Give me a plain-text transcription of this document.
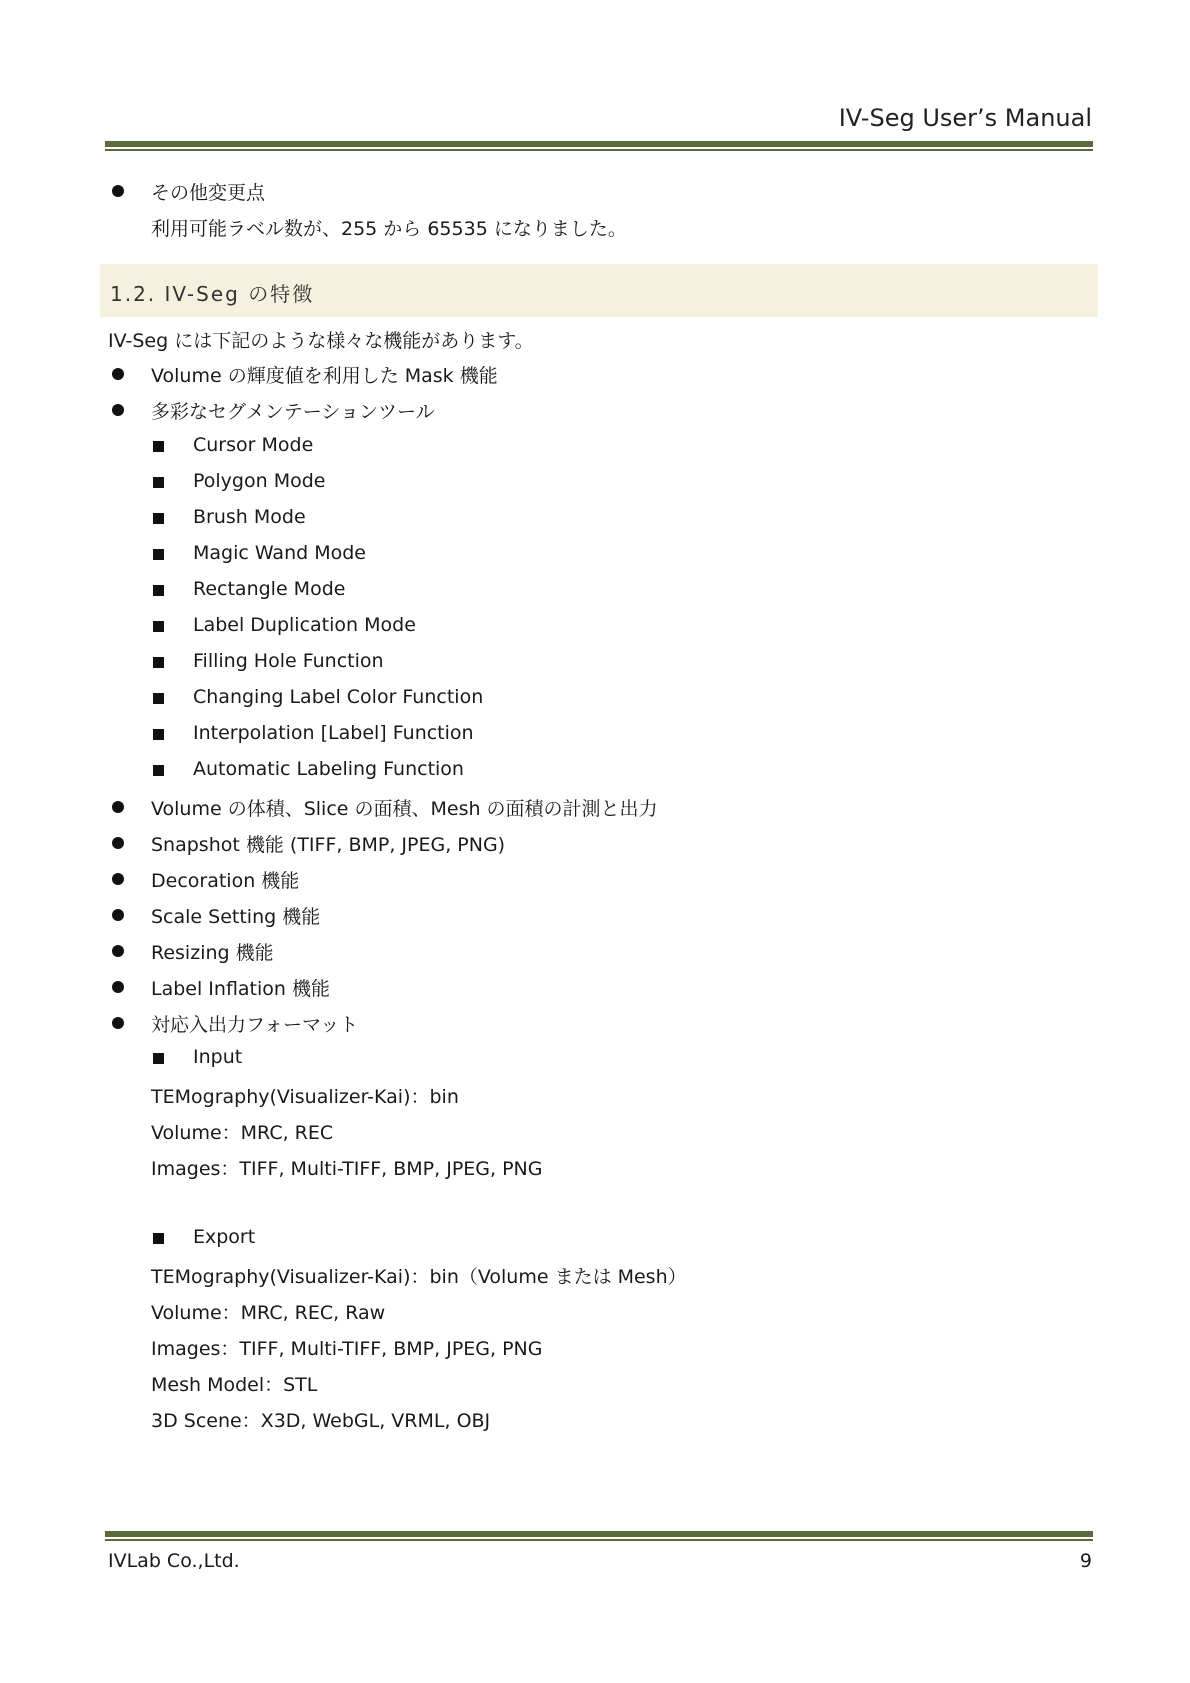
IV-Seg User’s Manual
その他変更点
利用可能ラベル数が、255 から 65535 になりました。
1.2. IV-Seg の特徴
IV-Seg には下記のような様々な機能があります。
Volume の輝度値を利用した Mask 機能
多彩なセグメンテーションツール
Cursor Mode
Polygon Mode
Brush Mode
Magic Wand Mode
Rectangle Mode
Label Duplication Mode
Filling Hole Function
Changing Label Color Function
Interpolation [Label] Function
Automatic Labeling Function
Volume の体積、Slice の面積、Mesh の面積の計測と出力
Snapshot 機能 (TIFF, BMP, JPEG, PNG)
Decoration 機能
Scale Setting 機能
Resizing 機能
Label Inflation 機能
対応入出力フォーマット
Input
TEMography(Visualizer-Kai)：bin
Volume：MRC, REC
Images：TIFF, Multi-TIFF, BMP, JPEG, PNG
Export
TEMography(Visualizer-Kai)：bin（Volume または Mesh）
Volume：MRC, REC, Raw
Images：TIFF, Multi-TIFF, BMP, JPEG, PNG
Mesh Model：STL
3D Scene：X3D, WebGL, VRML, OBJ
IVLab Co.,Ltd.	9
